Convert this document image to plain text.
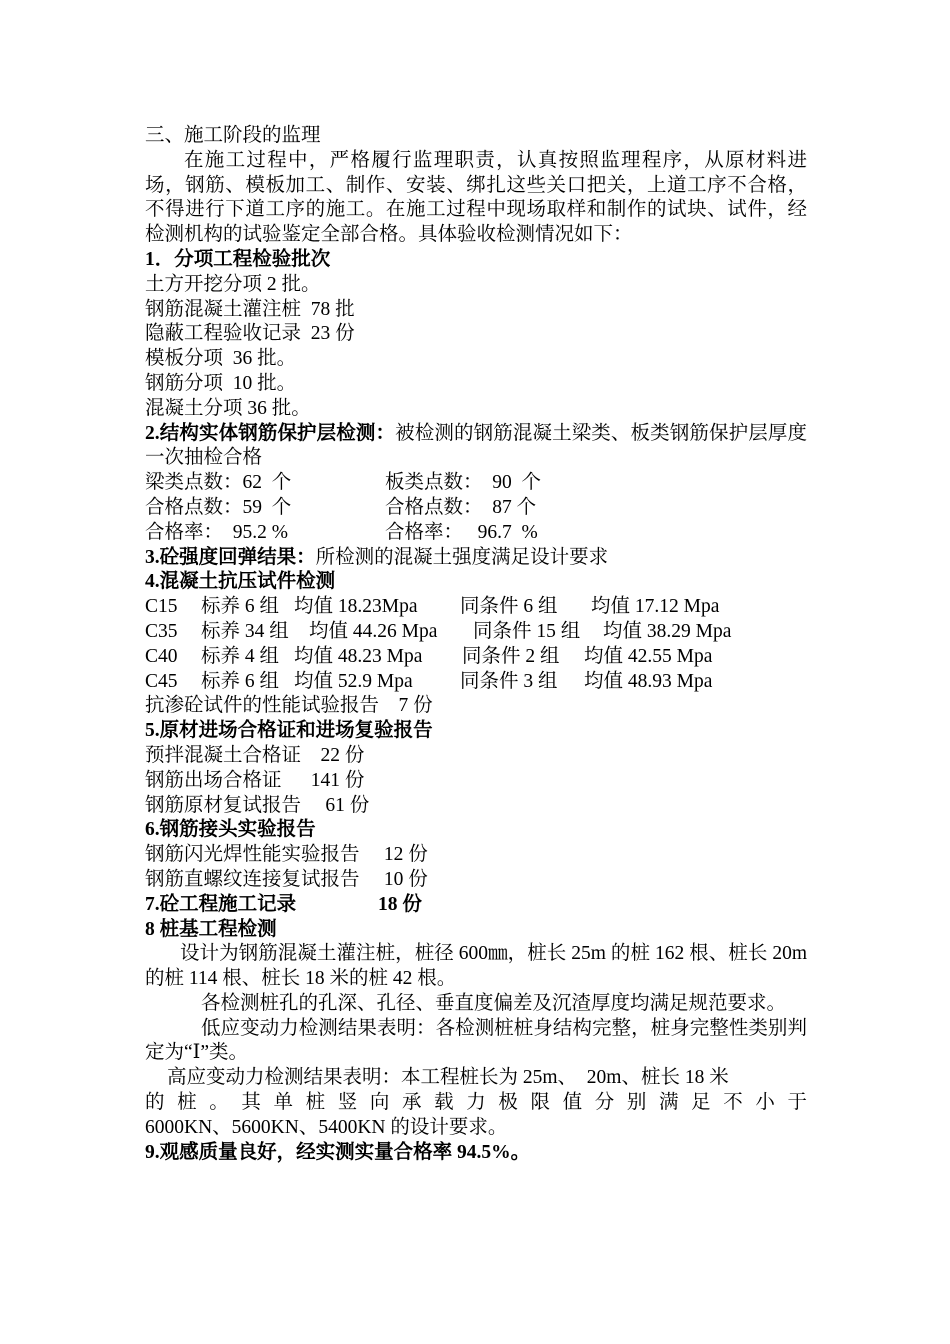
三、施工阶段的监理
在施工过程中，严格履行监理职责，认真按照监理程序，从原材料进场，钢筋、模板加工、制作、安装、绑扎这些关口把关，上道工序不合格，不得进行下道工序的施工。在施工过程中现场取样和制作的试块、试件，经检测机构的试验鉴定全部合格。具体验收检测情况如下：
1．分项工程检验批次
土方开挖分项 2 批。
钢筋混凝土灌注桩  78 批
隐蔽工程验收记录  23 份
模板分项  36 批。
钢筋分项  10 批。
混凝土分项 36 批。
2.结构实体钢筋保护层检测：被检测的钢筋混凝土梁类、板类钢筋保护层厚度一次抽检合格
梁类点数：62  个	板类点数：  90  个
合格点数：59  个	合格点数：  87 个
合格率：  95.2 %	合格率：   96.7  %
3.砼强度回弹结果：所检测的混凝土强度满足设计要求
4.混凝土抗压试件检测
C15 标养 6 组 均值 18.23Mpa 同条件 6 组 均值 17.12 Mpa
C35 标养 34 组 均值 44.26 Mpa 同条件 15 组 均值 38.29 Mpa
C40 标养 4 组 均值 48.23 Mpa 同条件 2 组 均值 42.55 Mpa
C45 标养 6 组 均值 52.9 Mpa 同条件 3 组 均值 48.93 Mpa
抗渗砼试件的性能试验报告    7 份
5.原材进场合格证和进场复验报告
预拌混凝土合格证    22 份
钢筋出场合格证      141 份
钢筋原材复试报告     61 份
6.钢筋接头实验报告
钢筋闪光焊性能实验报告     12 份
钢筋直螺纹连接复试报告     10 份
7.砼工程施工记录	18 份
8 桩基工程检测
设计为钢筋混凝土灌注桩，桩径 600㎜，桩长 25m 的桩 162 根、桩长 20m 的桩 114 根、桩长 18 米的桩 42 根。
各检测桩孔的孔深、孔径、垂直度偏差及沉渣厚度均满足规范要求。
低应变动力检测结果表明：各检测桩桩身结构完整，桩身完整性类别判定为“Ⅰ”类。
高应变动力检测结果表明：本工程桩长为 25m、  20m、桩长 18 米
的桩。其单桩竖向承载力极限值分别满足不小于
6000KN、5600KN、5400KN 的设计要求。
9.观感质量良好，经实测实量合格率 94.5%。
